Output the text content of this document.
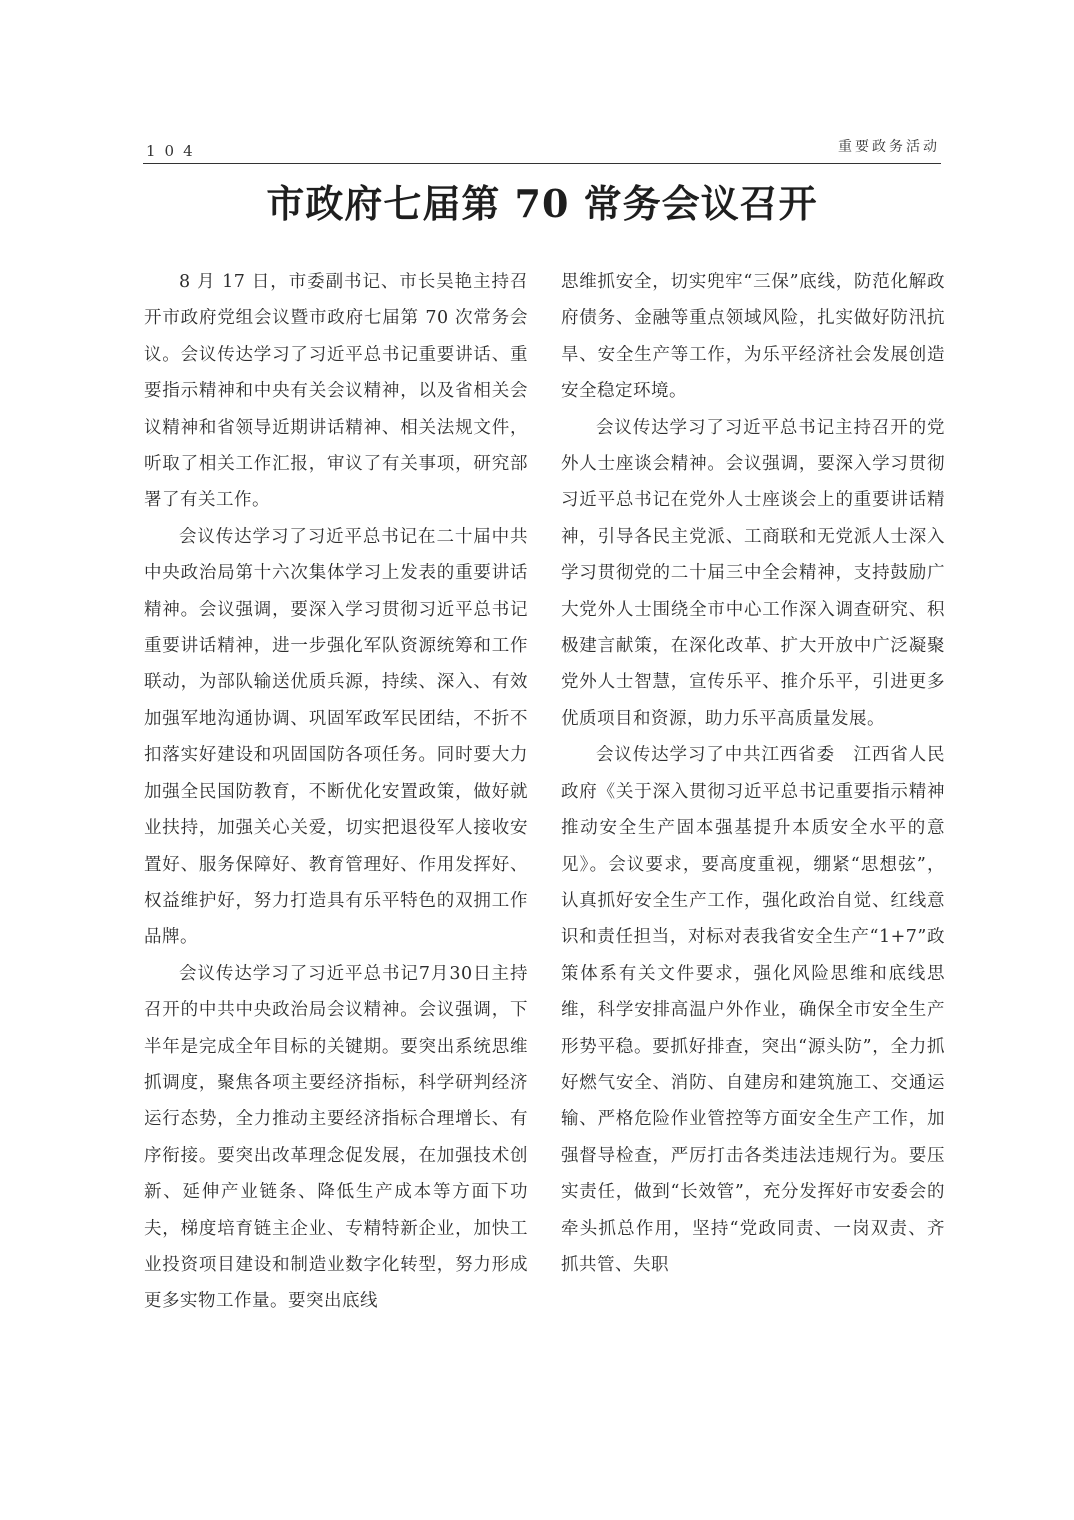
104	重要政务活动
市政府七届第 70 常务会议召开

8 月 17 日，市委副书记、市长吴艳主持召开市政府党组会议暨市政府七届第 70 次常务会议。会议传达学习了习近平总书记重要讲话、重要指示精神和中央有关会议精神，以及省相关会议精神和省领导近期讲话精神、相关法规文件，听取了相关工作汇报，审议了有关事项，研究部署了有关工作。

会议传达学习了习近平总书记在二十届中共中央政治局第十六次集体学习上发表的重要讲话精神。会议强调，要深入学习贯彻习近平总书记重要讲话精神，进一步强化军队资源统筹和工作联动，为部队输送优质兵源，持续、深入、有效加强军地沟通协调、巩固军政军民团结，不折不扣落实好建设和巩固国防各项任务。同时要大力加强全民国防教育，不断优化安置政策，做好就业扶持，加强关心关爱，切实把退役军人接收安置好、服务保障好、教育管理好、作用发挥好、权益维护好，努力打造具有乐平特色的双拥工作品牌。

会议传达学习了习近平总书记7月30日主持召开的中共中央政治局会议精神。会议强调，下半年是完成全年目标的关键期。要突出系统思维抓调度，聚焦各项主要经济指标，科学研判经济运行态势，全力推动主要经济指标合理增长、有序衔接。要突出改革理念促发展，在加强技术创新、延伸产业链条、降低生产成本等方面下功夫，梯度培育链主企业、专精特新企业，加快工业投资项目建设和制造业数字化转型，努力形成更多实物工作量。要突出底线

思维抓安全，切实兜牢“三保”底线，防范化解政府债务、金融等重点领域风险，扎实做好防汛抗旱、安全生产等工作，为乐平经济社会发展创造安全稳定环境。

会议传达学习了习近平总书记主持召开的党外人士座谈会精神。会议强调，要深入学习贯彻习近平总书记在党外人士座谈会上的重要讲话精神，引导各民主党派、工商联和无党派人士深入学习贯彻党的二十届三中全会精神，支持鼓励广大党外人士围绕全市中心工作深入调查研究、积极建言献策，在深化改革、扩大开放中广泛凝聚党外人士智慧，宣传乐平、推介乐平，引进更多优质项目和资源，助力乐平高质量发展。

会议传达学习了中共江西省委　江西省人民政府《关于深入贯彻习近平总书记重要指示精神　推动安全生产固本强基提升本质安全水平的意见》。会议要求，要高度重视，绷紧“思想弦”，认真抓好安全生产工作，强化政治自觉、红线意识和责任担当，对标对表我省安全生产“1+7”政策体系有关文件要求，强化风险思维和底线思维，科学安排高温户外作业，确保全市安全生产形势平稳。要抓好排查，突出“源头防”，全力抓好燃气安全、消防、自建房和建筑施工、交通运输、严格危险作业管控等方面安全生产工作，加强督导检查，严厉打击各类违法违规行为。要压实责任，做到“长效管”，充分发挥好市安委会的牵头抓总作用，坚持“党政同责、一岗双责、齐抓共管、失职
